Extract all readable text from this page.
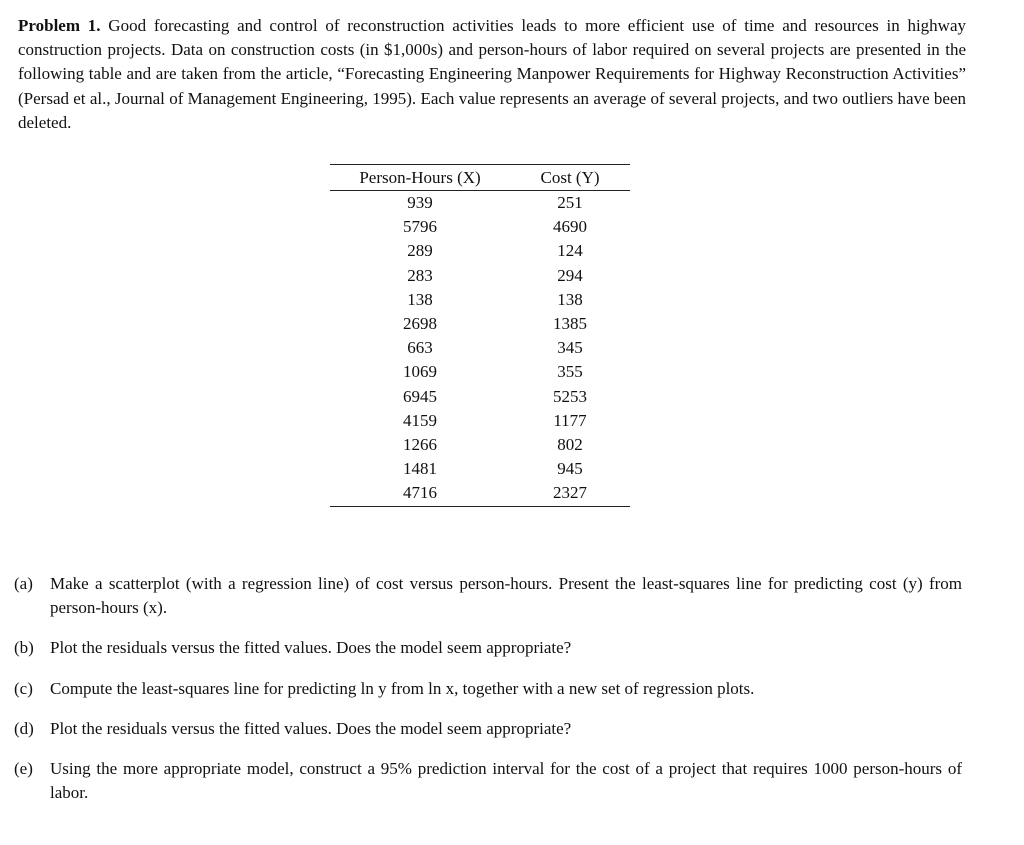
Problem 1. Good forecasting and control of reconstruction activities leads to more efficient use of time and resources in highway construction projects. Data on construction costs (in $1,000s) and person-hours of labor required on several projects are presented in the following table and are taken from the article, “Forecasting Engineering Manpower Requirements for Highway Reconstruction Activities” (Persad et al., Journal of Management Engineering, 1995). Each value represents an average of several projects, and two outliers have been deleted.

Person-Hours (X)	Cost (Y)
939	251
5796	4690
289	124
283	294
138	138
2698	1385
663	345
1069	355
6945	5253
4159	1177
1266	802
1481	945
4716	2327
(a)	Make a scatterplot (with a regression line) of cost versus person-hours. Present the least-squares line for predicting cost (y) from person-hours (x).
(b) Plot the residuals versus the fitted values. Does the model seem appropriate?
(c)	Compute the least-squares line for predicting ln y from ln x, together with a new set of regression plots.
(d) Plot the residuals versus the fitted values. Does the model seem appropriate?
(e)	Using the more appropriate model, construct a 95% prediction interval for the cost of a project that requires 1000 person-hours of labor.
